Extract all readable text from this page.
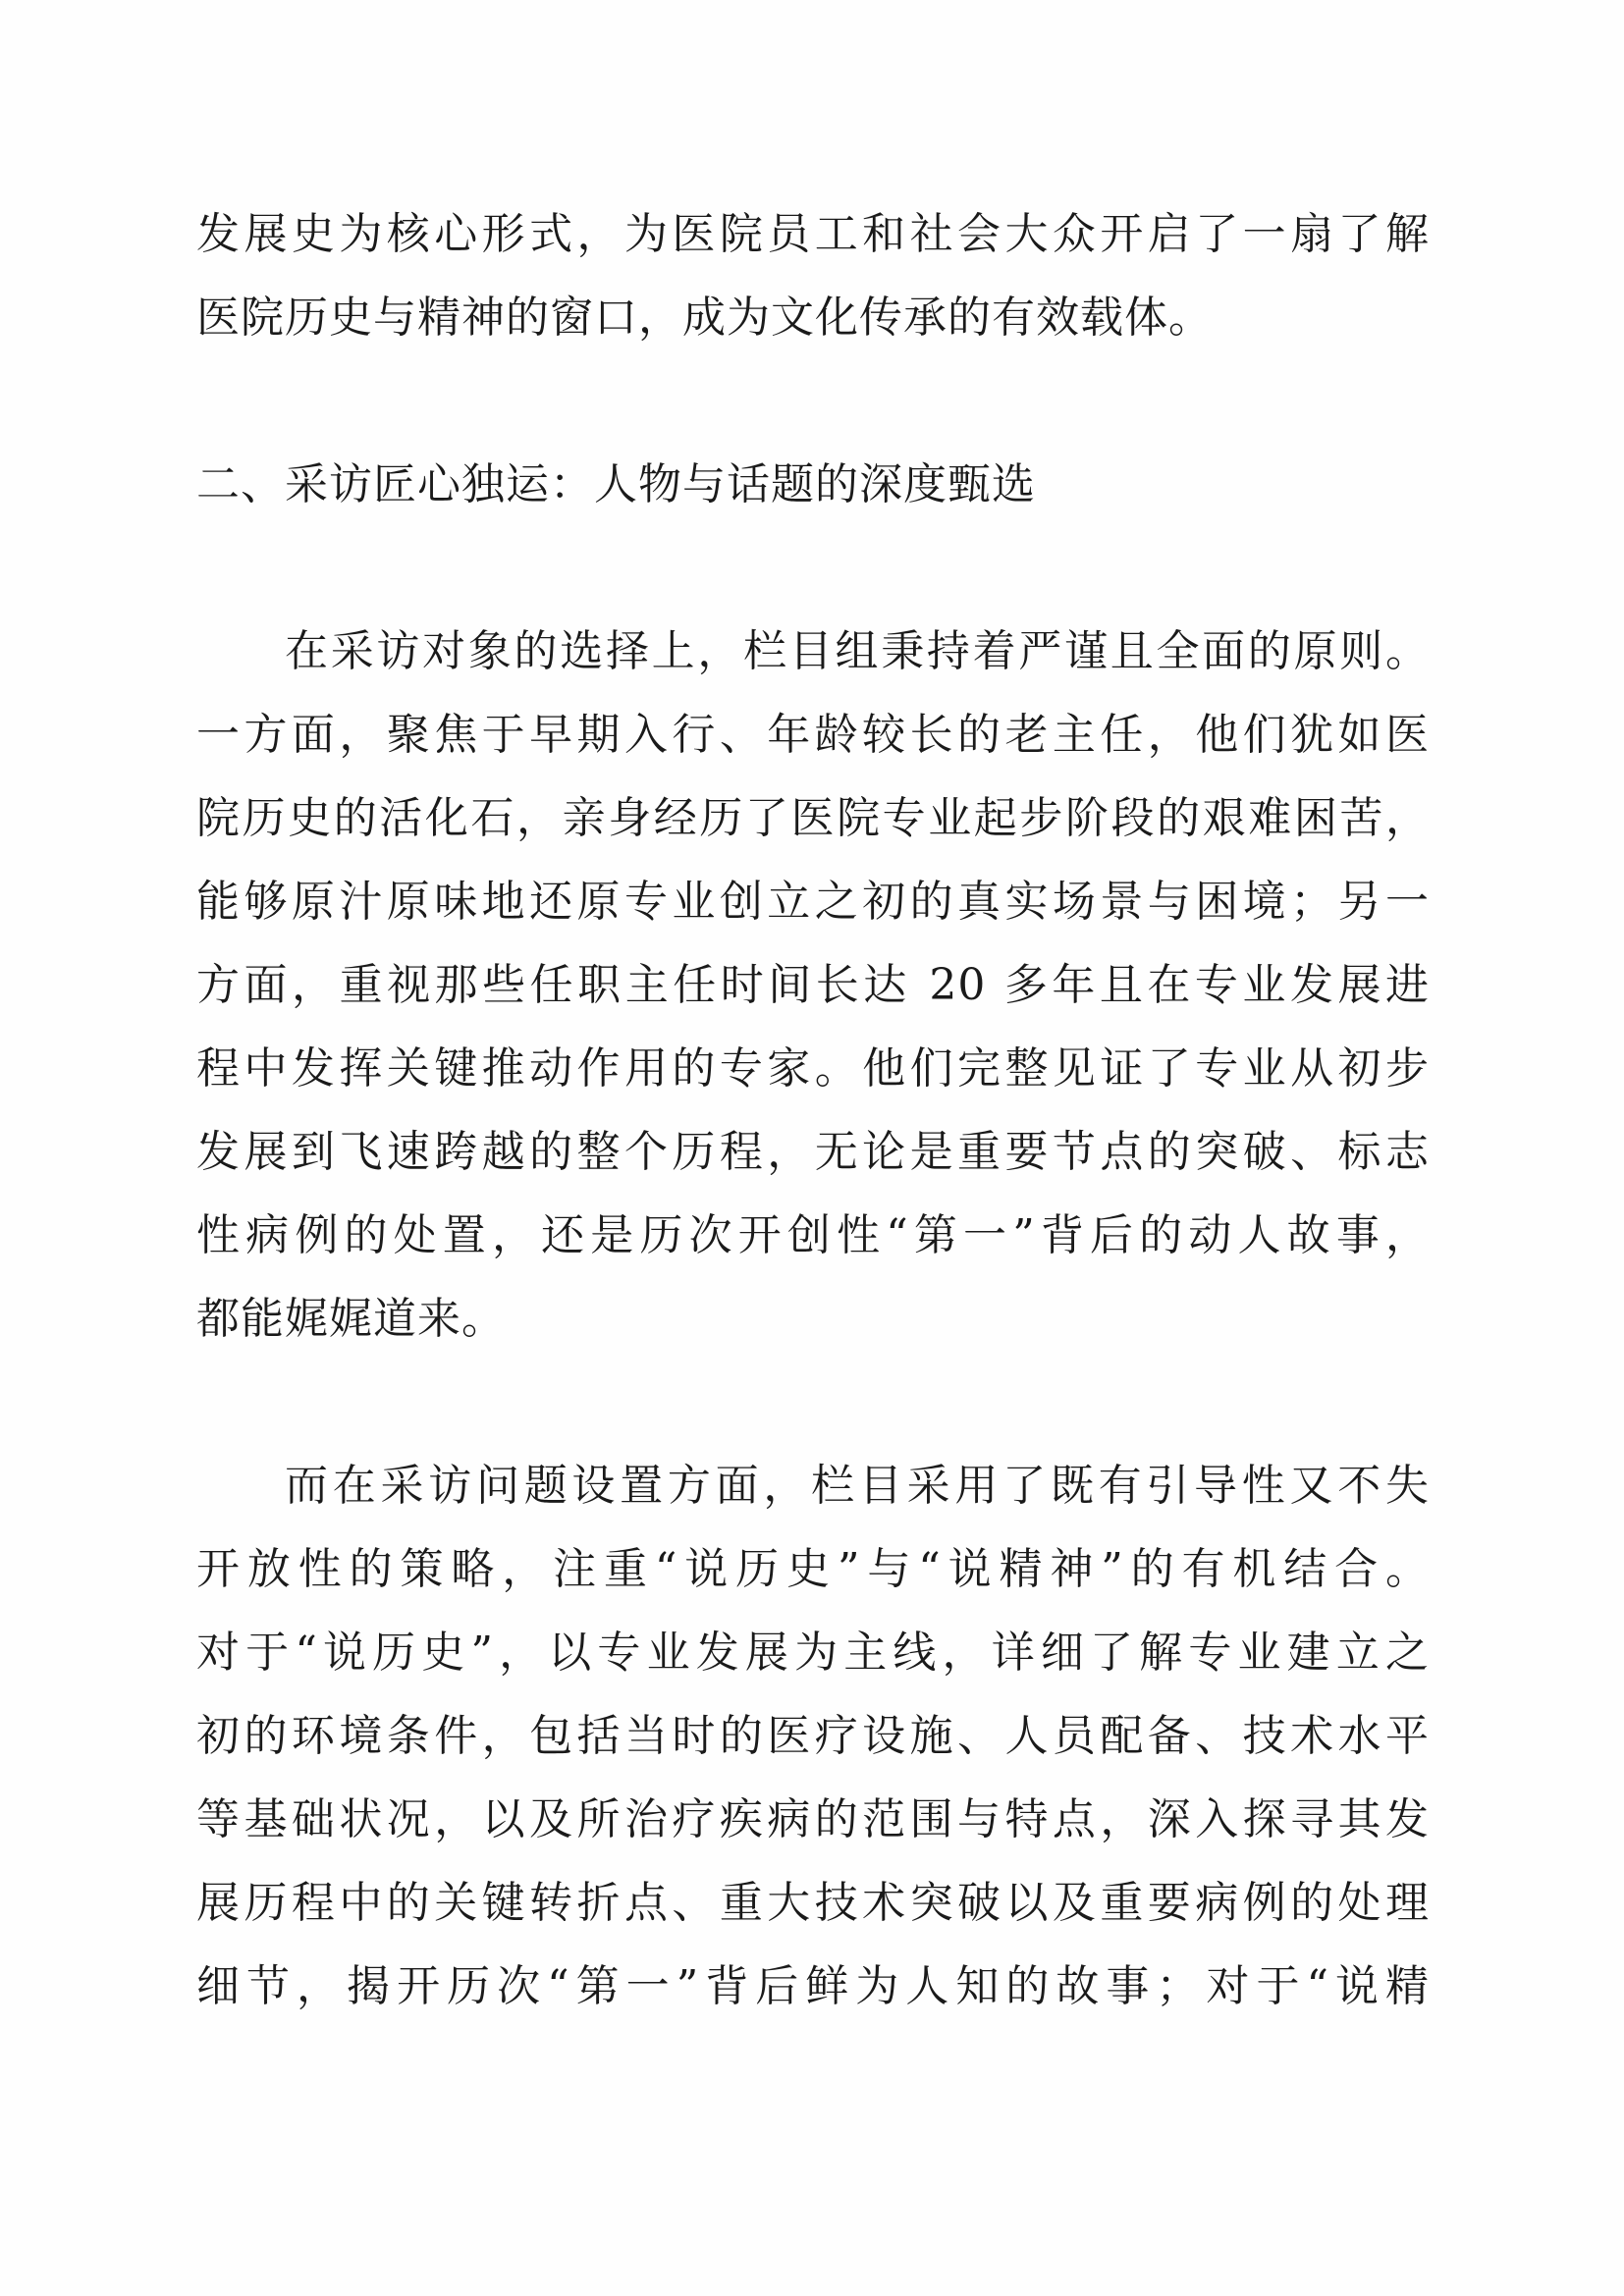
发展史为核心形式，为医院员工和社会大众开启了一扇了解
医院历史与精神的窗口，成为文化传承的有效载体。
二、采访匠心独运：人物与话题的深度甄选
在采访对象的选择上，栏目组秉持着严谨且全面的原则。
一方面，聚焦于早期入行、年龄较长的老主任，他们犹如医
院历史的活化石，亲身经历了医院专业起步阶段的艰难困苦，
能够原汁原味地还原专业创立之初的真实场景与困境；另一
方面，重视那些任职主任时间长达 20 多年且在专业发展进
程中发挥关键推动作用的专家。他们完整见证了专业从初步
发展到飞速跨越的整个历程，无论是重要节点的突破、标志
性病例的处置，还是历次开创性“第一”背后的动人故事，
都能娓娓道来。
而在采访问题设置方面，栏目采用了既有引导性又不失
开放性的策略，注重“说历史”与“说精神”的有机结合。
对于“说历史”，以专业发展为主线，详细了解专业建立之
初的环境条件，包括当时的医疗设施、人员配备、技术水平
等基础状况，以及所治疗疾病的范围与特点，深入探寻其发
展历程中的关键转折点、重大技术突破以及重要病例的处理
细节，揭开历次“第一”背后鲜为人知的故事；对于“说精
